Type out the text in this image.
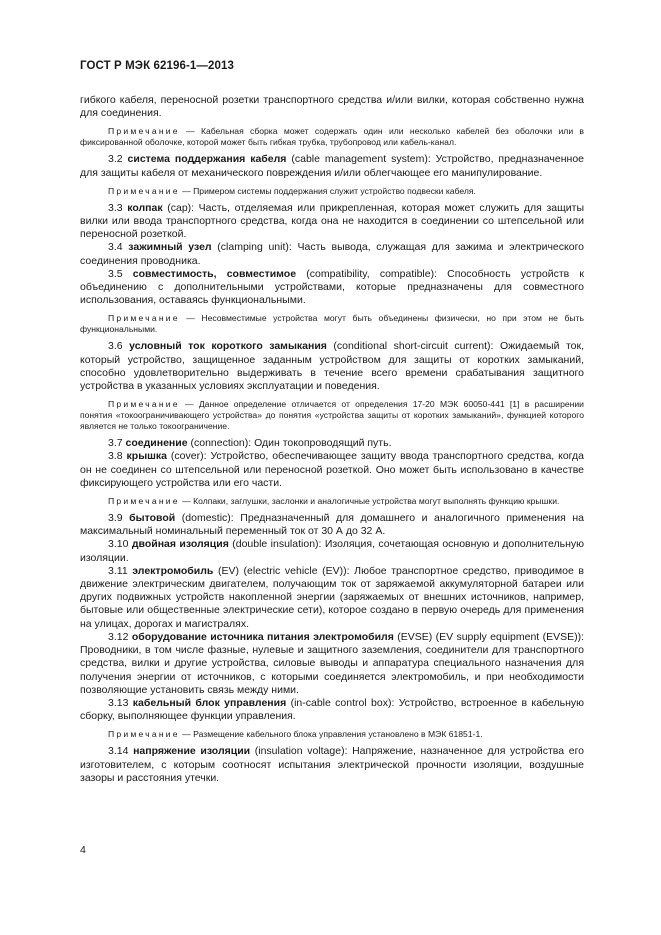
ГОСТ Р МЭК 62196-1—2013

гибкого кабеля, переносной розетки транспортного средства и/или вилки, которая собственно нужна для соединения.

Примечание — Кабельная сборка может содержать один или несколько кабелей без оболочки или в фиксированной оболочке, которой может быть гибкая трубка, трубопровод или кабель-канал.

3.2 система поддержания кабеля (cable management system): Устройство, предназначенное для защиты кабеля от механического повреждения и/или облегчающее его манипулирование.

Примечание — Примером системы поддержания служит устройство подвески кабеля.

3.3 колпак (cap): Часть, отделяемая или прикрепленная, которая может служить для защиты вилки или ввода транспортного средства, когда она не находится в соединении со штепсельной или переносной розеткой.

3.4 зажимный узел (clamping unit): Часть вывода, служащая для зажима и электрического соединения проводника.

3.5 совместимость, совместимое (compatibility, compatible): Способность устройств к объединению с дополнительными устройствами, которые предназначены для совместного использования, оставаясь функциональными.

Примечание — Несовместимые устройства могут быть объединены физически, но при этом не быть функциональными.

3.6 условный ток короткого замыкания (conditional short-circuit current): Ожидаемый ток, который устройство, защищенное заданным устройством для защиты от коротких замыканий, способно удовлетворительно выдерживать в течение всего времени срабатывания защитного устройства в указанных условиях эксплуатации и поведения.

Примечание — Данное определение отличается от определения 17-20 МЭК 60050-441 [1] в расширении понятия «токоограничивающего устройства» до понятия «устройства защиты от коротких замыканий», функцией которого является не только токоограничение.

3.7 соединение (connection): Один токопроводящий путь.

3.8 крышка (cover): Устройство, обеспечивающее защиту ввода транспортного средства, когда он не соединен со штепсельной или переносной розеткой. Оно может быть использовано в качестве фиксирующего устройства или его части.

Примечание — Колпаки, заглушки, заслонки и аналогичные устройства могут выполнять функцию крышки.

3.9 бытовой (domestic): Предназначенный для домашнего и аналогичного применения на максимальный номинальный переменный ток от 30 А до 32 А.

3.10 двойная изоляция (double insulation): Изоляция, сочетающая основную и дополнительную изоляции.

3.11 электромобиль (EV) (electric vehicle (EV)): Любое транспортное средство, приводимое в движение электрическим двигателем, получающим ток от заряжаемой аккумуляторной батареи или других подвижных устройств накопленной энергии (заряжаемых от внешних источников, например, бытовые или общественные электрические сети), которое создано в первую очередь для применения на улицах, дорогах и магистралях.

3.12 оборудование источника питания электромобиля (EVSE) (EV supply equipment (EVSE)): Проводники, в том числе фазные, нулевые и защитного заземления, соединители для транспортного средства, вилки и другие устройства, силовые выводы и аппаратура специального назначения для получения энергии от источников, с которыми соединяется электромобиль, и при необходимости позволяющие установить связь между ними.

3.13 кабельный блок управления (in-cable control box): Устройство, встроенное в кабельную сборку, выполняющее функции управления.

Примечание — Размещение кабельного блока управления установлено в МЭК 61851-1.

3.14 напряжение изоляции (insulation voltage): Напряжение, назначенное для устройства его изготовителем, с которым соотносят испытания электрической прочности изоляции, воздушные зазоры и расстояния утечки.

4
